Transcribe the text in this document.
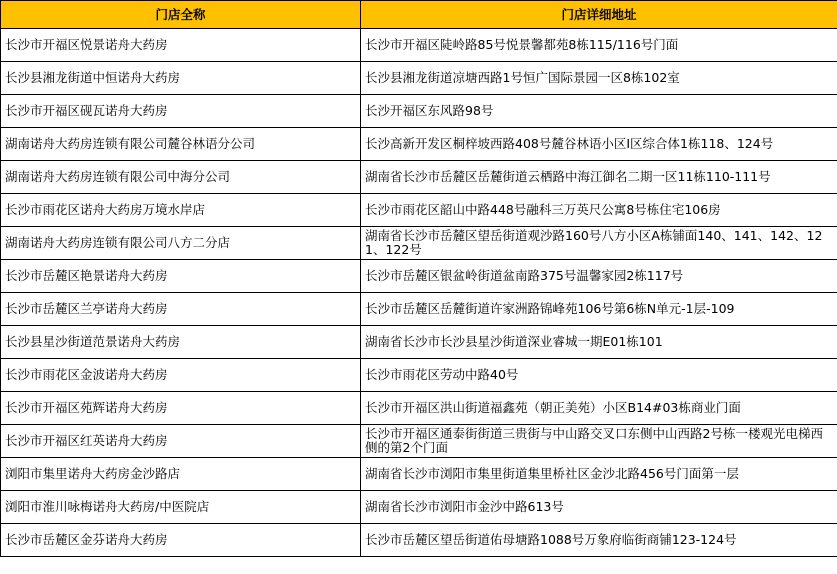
门店全称	门店详细地址
长沙市开福区悦景诺舟大药房	长沙市开福区陡岭路85号悦景馨都苑8栋115/116号门面
长沙县湘龙街道中恒诺舟大药房	长沙县湘龙街道凉塘西路1号恒广国际景园一区8栋102室
长沙市开福区砚瓦诺舟大药房	长沙开福区东风路98号
湖南诺舟大药房连锁有限公司麓谷林语分公司	长沙高新开发区桐梓坡西路408号麓谷林语小区I区综合体1栋118、124号
湖南诺舟大药房连锁有限公司中海分公司	湖南省长沙市岳麓区岳麓街道云栖路中海江御名二期一区11栋110-111号
长沙市雨花区诺舟大药房万境水岸店	长沙市雨花区韶山中路448号融科三万英尺公寓8号栋住宅106房
湖南诺舟大药房连锁有限公司八方二分店	湖南省长沙市岳麓区望岳街道观沙路160号八方小区A栋铺面140、141、142、121、122号
长沙市岳麓区艳景诺舟大药房	长沙市岳麓区银盆岭街道盆南路375号温馨家园2栋117号
长沙市岳麓区兰亭诺舟大药房	长沙市岳麓区岳麓街道许家洲路锦峰苑106号第6栋N单元-1层-109
长沙县星沙街道范景诺舟大药房	湖南省长沙市长沙县星沙街道深业睿城一期E01栋101
长沙市雨花区金波诺舟大药房	长沙市雨花区劳动中路40号
长沙市开福区苑辉诺舟大药房	长沙市开福区洪山街道福鑫苑（朝正美苑）小区B14#03栋商业门面
长沙市开福区红英诺舟大药房	长沙市开福区通泰街街道三贵街与中山路交叉口东侧中山西路2号栋一楼观光电梯西侧的第2个门面
浏阳市集里诺舟大药房金沙路店	湖南省长沙市浏阳市集里街道集里桥社区金沙北路456号门面第一层
浏阳市淮川咏梅诺舟大药房/中医院店	湖南省长沙市浏阳市金沙中路613号
长沙市岳麓区金芬诺舟大药房	长沙市岳麓区望岳街道佑母塘路1088号万象府临街商铺123-124号
